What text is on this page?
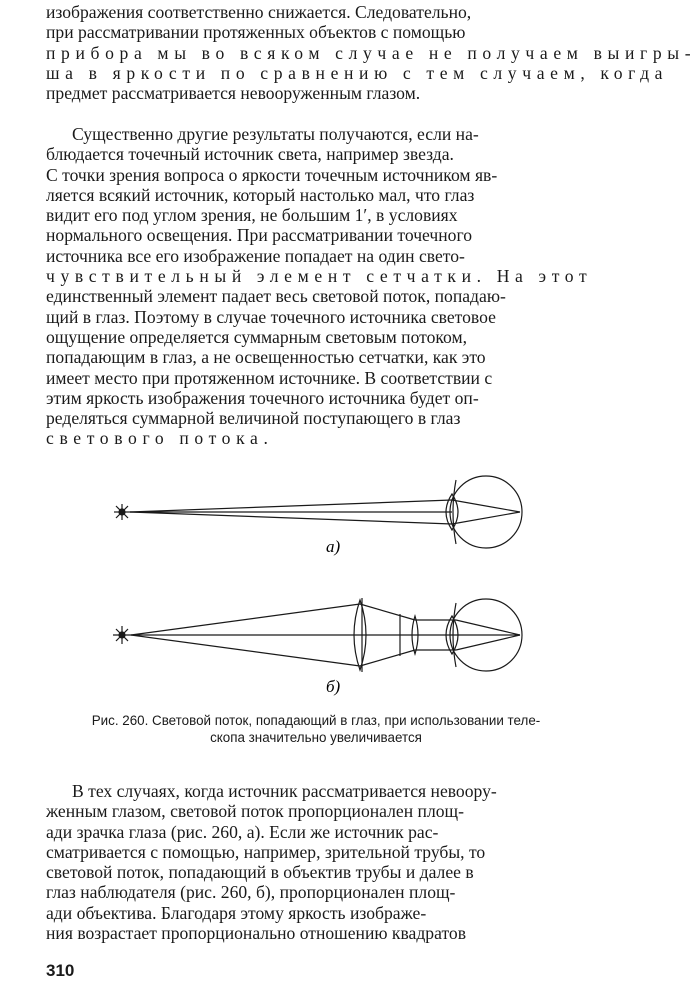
изображения соответственно снижается. Следовательно,
при рассматривании протяженных объектов с помощью
прибора мы во всяком случае не получаем выигры-
ша в яркости по сравнению с тем случаем, когда
предмет рассматривается невооруженным глазом.
Существенно другие результаты получаются, если на-
блюдается точечный источник света, например звезда.
С точки зрения вопроса о яркости точечным источником яв-
ляется всякий источник, который настолько мал, что глаз
видит его под углом зрения, не большим 1′, в условиях
нормального освещения. При рассматривании точечного
источника все его изображение попадает на один свето-
чувствительный элемент сетчатки. На этот
единственный элемент падает весь световой поток, попадаю-
щий в глаз. Поэтому в случае точечного источника световое
ощущение определяется суммарным световым потоком,
попадающим в глаз, а не освещенностью сетчатки, как это
имеет место при протяженном источнике. В соответствии с
этим яркость изображения точечного источника будет оп-
ределяться суммарной величиной поступающего в глаз
светового потока.
а)
б)
Рис. 260. Световой поток, попадающий в глаз, при использовании теле-
скопа значительно увеличивается
В тех случаях, когда источник рассматривается невоору-
женным глазом, световой поток пропорционален площ-
ади зрачка глаза (рис. 260, а). Если же источник рас-
сматривается с помощью, например, зрительной трубы, то
световой поток, попадающий в объектив трубы и далее в
глаз наблюдателя (рис. 260, б), пропорционален площ-
ади объектива. Благодаря этому яркость изображе-
ния возрастает пропорционально отношению квадратов
310
